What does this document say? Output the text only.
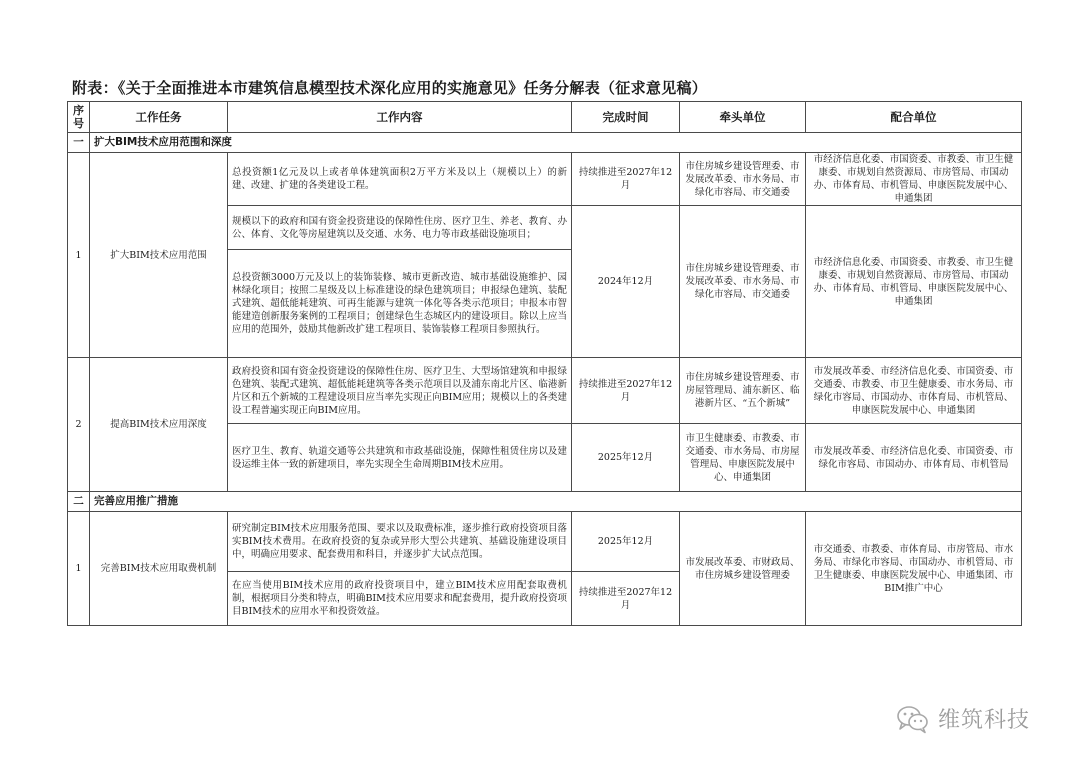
附表：《关于全面推进本市建筑信息模型技术深化应用的实施意见》任务分解表（征求意见稿）
序号	工作任务	工作内容	完成时间	牵头单位	配合单位
一	扩大BIM技术应用范围和深度				
1	扩大BIM技术应用范围	总投资额1亿元及以上或者单体建筑面积2万平方米及以上（规模以上）的新建、改建、扩建的各类建设工程。	持续推进至2027年12月	市住房城乡建设管理委、市发展改革委、市水务局、市绿化市容局、市交通委	市经济信息化委、市国资委、市教委、市卫生健康委、市规划自然资源局、市房管局、市国动办、市体育局、市机管局、申康医院发展中心、申通集团
		规模以下的政府和国有资金投资建设的保障性住房、医疗卫生、养老、教育、办公、体育、文化等房屋建筑以及交通、水务、电力等市政基础设施项目；	2024年12月	市住房城乡建设管理委、市发展改革委、市水务局、市绿化市容局、市交通委	市经济信息化委、市国资委、市教委、市卫生健康委、市规划自然资源局、市房管局、市国动办、市体育局、市机管局、申康医院发展中心、申通集团
		总投资额3000万元及以上的装饰装修、城市更新改造、城市基础设施维护、园林绿化项目；按照二星级及以上标准建设的绿色建筑项目；申报绿色建筑、装配式建筑、超低能耗建筑、可再生能源与建筑一体化等各类示范项目；申报本市智能建造创新服务案例的工程项目；创建绿色生态城区内的建设项目。除以上应当应用的范围外，鼓励其他新改扩建工程项目、装饰装修工程项目参照执行。			
2	提高BIM技术应用深度	政府投资和国有资金投资建设的保障性住房、医疗卫生、大型场馆建筑和申报绿色建筑、装配式建筑、超低能耗建筑等各类示范项目以及浦东南北片区、临港新片区和五个新城的工程建设项目应当率先实现正向BIM应用；规模以上的各类建设工程普遍实现正向BIM应用。	持续推进至2027年12月	市住房城乡建设管理委、市房屋管理局、浦东新区、临港新片区、“五个新城”	市发展改革委、市经济信息化委、市国资委、市交通委、市教委、市卫生健康委、市水务局、市绿化市容局、市国动办、市体育局、市机管局、申康医院发展中心、申通集团
		医疗卫生、教育、轨道交通等公共建筑和市政基础设施，保障性租赁住房以及建设运维主体一致的新建项目，率先实现全生命周期BIM技术应用。	2025年12月	市卫生健康委、市教委、市交通委、市水务局、市房屋管理局、申康医院发展中心、申通集团	市发展改革委、市经济信息化委、市国资委、市绿化市容局、市国动办、市体育局、市机管局
二	完善应用推广措施				
1	完善BIM技术应用取费机制	研究制定BIM技术应用服务范围、要求以及取费标准，逐步推行政府投资项目落实BIM技术费用。在政府投资的复杂或异形大型公共建筑、基础设施建设项目中，明确应用要求、配套费用和科目，并逐步扩大试点范围。	2025年12月	市发展改革委、市财政局、市住房城乡建设管理委	市交通委、市教委、市体育局、市房管局、市水务局、市绿化市容局、市国动办、市机管局、市卫生健康委、申康医院发展中心、申通集团、市BIM推广中心
		在应当使用BIM技术应用的政府投资项目中，建立BIM技术应用配套取费机制，根据项目分类和特点，明确BIM技术应用要求和配套费用，提升政府投资项目BIM技术的应用水平和投资效益。	持续推进至2027年12月		
维筑科技
